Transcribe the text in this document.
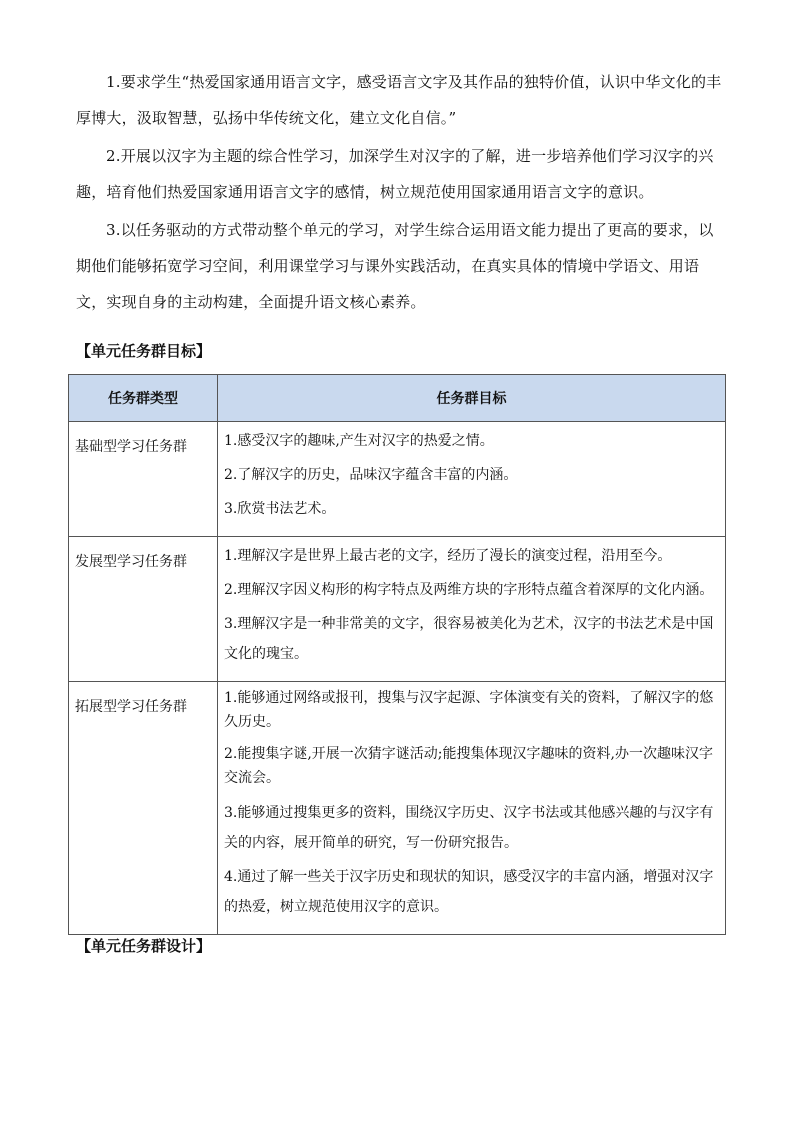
1.要求学生“热爱国家通用语言文字，感受语言文字及其作品的独特价值，认识中华文化的丰厚博大，汲取智慧，弘扬中华传统文化，建立文化自信。”

2.开展以汉字为主题的综合性学习，加深学生对汉字的了解，进一步培养他们学习汉字的兴趣，培育他们热爱国家通用语言文字的感情，树立规范使用国家通用语言文字的意识。

3.以任务驱动的方式带动整个单元的学习，对学生综合运用语文能力提出了更高的要求，以期他们能够拓宽学习空间，利用课堂学习与课外实践活动，在真实具体的情境中学语文、用语文，实现自身的主动构建，全面提升语文核心素养。

【单元任务群目标】
任务群类型	任务群目标
基础型学习任务群	1.感受汉字的趣味,产生对汉字的热爱之情。
2.了解汉字的历史，品味汉字蕴含丰富的内涵。
3.欣赏书法艺术。

发展型学习任务群	1.理解汉字是世界上最古老的文字，经历了漫长的演变过程，沿用至今。
2.理解汉字因义构形的构字特点及两维方块的字形特点蕴含着深厚的文化内涵。
3.理解汉字是一种非常美的文字，很容易被美化为艺术，汉字的书法艺术是中国文化的瑰宝。

拓展型学习任务群	1.能够通过网络或报刊，搜集与汉字起源、字体演变有关的资料，了解汉字的悠久历史。
2.能搜集字谜,开展一次猜字谜活动;能搜集体现汉字趣味的资料,办一次趣味汉字交流会。
3.能够通过搜集更多的资料，围绕汉字历史、汉字书法或其他感兴趣的与汉字有关的内容，展开简单的研究，写一份研究报告。
4.通过了解一些关于汉字历史和现状的知识，感受汉字的丰富内涵，增强对汉字的热爱，树立规范使用汉字的意识。
【单元任务群设计】
